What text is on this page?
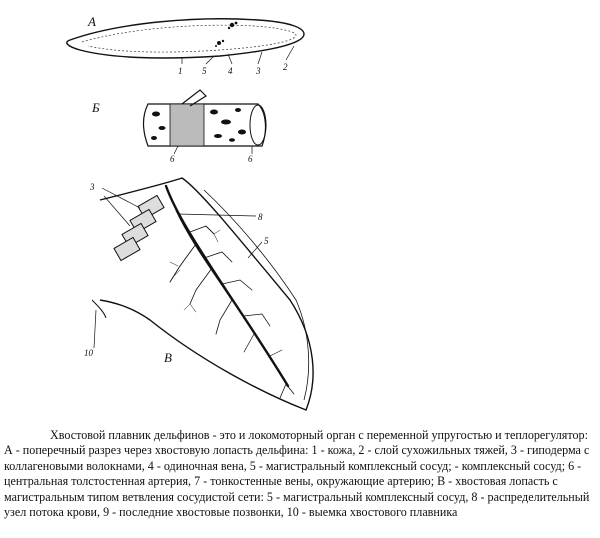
А
1 5 4	3	2
Б
6	6
3
8
5
10	В

Хвостовой плавник дельфинов - это и локомоторный орган с переменной упругостью и теплорегулятор: А - поперечный разрез через хвостовую лопасть дельфина: 1 - кожа, 2 - слой сухожильных тяжей, 3 - гиподерма с коллагеновыми волокнами, 4 - одиночная вена, 5 - магистральный комплексный сосуд; - комплексный сосуд; 6 - центральная толстостенная артерия, 7 - тонкостенные вены, окружающие артерию; В - хвостовая лопасть с магистральным типом ветвления сосудистой сети: 5 - магистральный комплексный сосуд, 8 - распределительный узел потока крови, 9 - последние хвостовые позвонки, 10 - выемка хвостового плавника
